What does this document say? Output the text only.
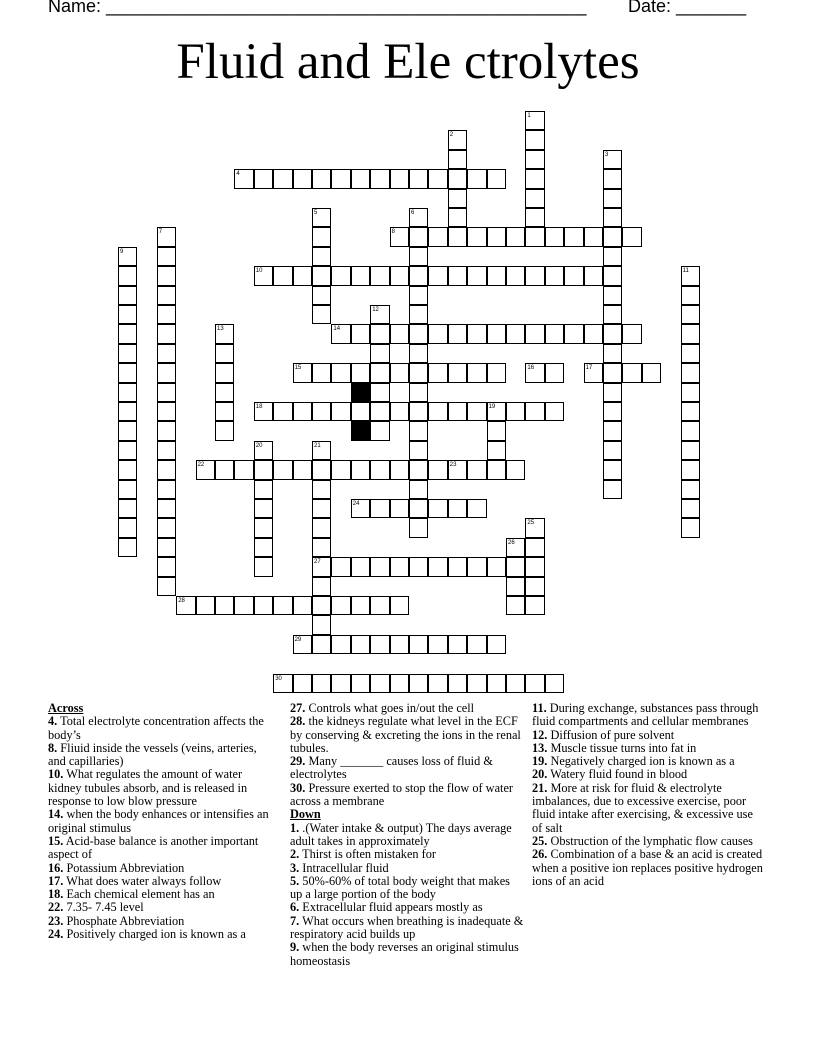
Name: ________________________________________________ Date: _______
Fluid and Ele ctrolytes
1
2
3
4
5	6
7	8
9
10	11
12
13	14
15	16	17
18	19
20	21
22	23
24
25
26
27
28
29
30
Across
4. Total electrolyte concentration affects the body’s
8. Fliuid inside the vessels (veins, arteries, and capillaries)
10. What regulates the amount of water kidney tubules absorb, and is released in response to low blow pressure
14. when the body enhances or intensifies an original stimulus
15. Acid-base balance is another important aspect of
16. Potassium Abbreviation
17. What does water always follow
18. Each chemical element has an
22. 7.35- 7.45 level
23. Phosphate Abbreviation
24. Positively charged ion is known as a
27. Controls what goes in/out the cell
28. the kidneys regulate what level in the ECF by conserving & excreting the ions in the renal tubules.
29. Many _______ causes loss of fluid & electrolytes
30. Pressure exerted to stop the flow of water across a membrane
Down
1. .(Water intake & output) The days average adult takes in approximately
2. Thirst is often mistaken for
3. Intracellular fluid
5. 50%-60% of total body weight that makes up a large portion of the body
6. Extracellular fluid appears mostly as
7. What occurs when breathing is inadequate & respiratory acid builds up
9. when the body reverses an original stimulus homeostasis
11. During exchange, substances pass through fluid compartments and cellular membranes
12. Diffusion of pure solvent
13. Muscle tissue turns into fat in
19. Negatively charged ion is known as a
20. Watery fluid found in blood
21. More at risk for fluid & electrolyte imbalances, due to excessive exercise, poor fluid intake after exercising, & excessive use of salt
25. Obstruction of the lymphatic flow causes
26. Combination of a base & an acid is created when a positive ion replaces positive hydrogen ions of an acid
